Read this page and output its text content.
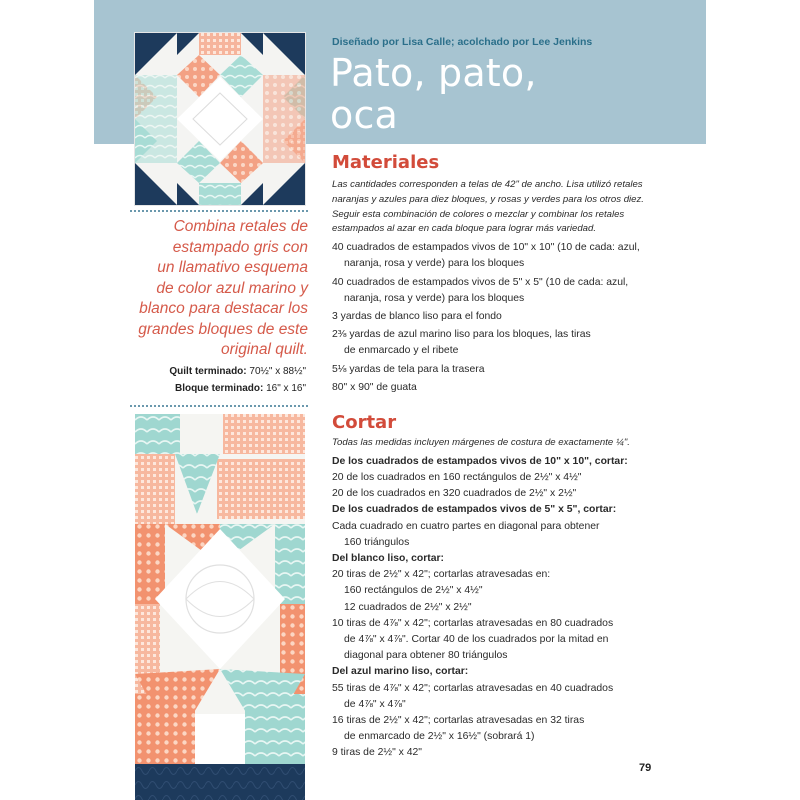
Diseñado por Lisa Calle; acolchado por Lee Jenkins
Pato, pato,
oca
Combina retales de
estampado gris con
un llamativo esquema
de color azul marino y
blanco para destacar los
grandes bloques de este
original quilt.
Quilt terminado: 70½" x 88½"
Bloque terminado: 16" x 16"
Materiales
Las cantidades corresponden a telas de 42" de ancho. Lisa utilizó retales
naranjas y azules para diez bloques, y rosas y verdes para los otros diez.
Seguir esta combinación de colores o mezclar y combinar los retales
estampados al azar en cada bloque para lograr más variedad.
40 cuadrados de estampados vivos de 10" x 10" (10 de cada: azul,
naranja, rosa y verde) para los bloques
40 cuadrados de estampados vivos de 5" x 5" (10 de cada: azul,
naranja, rosa y verde) para los bloques
3 yardas de blanco liso para el fondo
2⅜ yardas de azul marino liso para los bloques, las tiras
de enmarcado y el ribete
5⅛ yardas de tela para la trasera
80" x 90" de guata
Cortar
Todas las medidas incluyen márgenes de costura de exactamente ¼".
De los cuadrados de estampados vivos de 10" x 10", cortar:
20 de los cuadrados en 160 rectángulos de 2½" x 4½"
20 de los cuadrados en 320 cuadrados de 2½" x 2½"
De los cuadrados de estampados vivos de 5" x 5", cortar:
Cada cuadrado en cuatro partes en diagonal para obtener
160 triángulos
Del blanco liso, cortar:
20 tiras de 2½" x 42"; cortarlas atravesadas en:
160 rectángulos de 2½" x 4½"
12 cuadrados de 2½" x 2½"
10 tiras de 4⅞" x 42"; cortarlas atravesadas en 80 cuadrados
de 4⅞" x 4⅞". Cortar 40 de los cuadrados por la mitad en
diagonal para obtener 80 triángulos
Del azul marino liso, cortar:
55 tiras de 4⅞" x 42"; cortarlas atravesadas en 40 cuadrados
de 4⅞" x 4⅞"
16 tiras de 2½" x 42"; cortarlas atravesadas en 32 tiras
de enmarcado de 2½" x 16½" (sobrará 1)
9 tiras de 2½" x 42"
79
